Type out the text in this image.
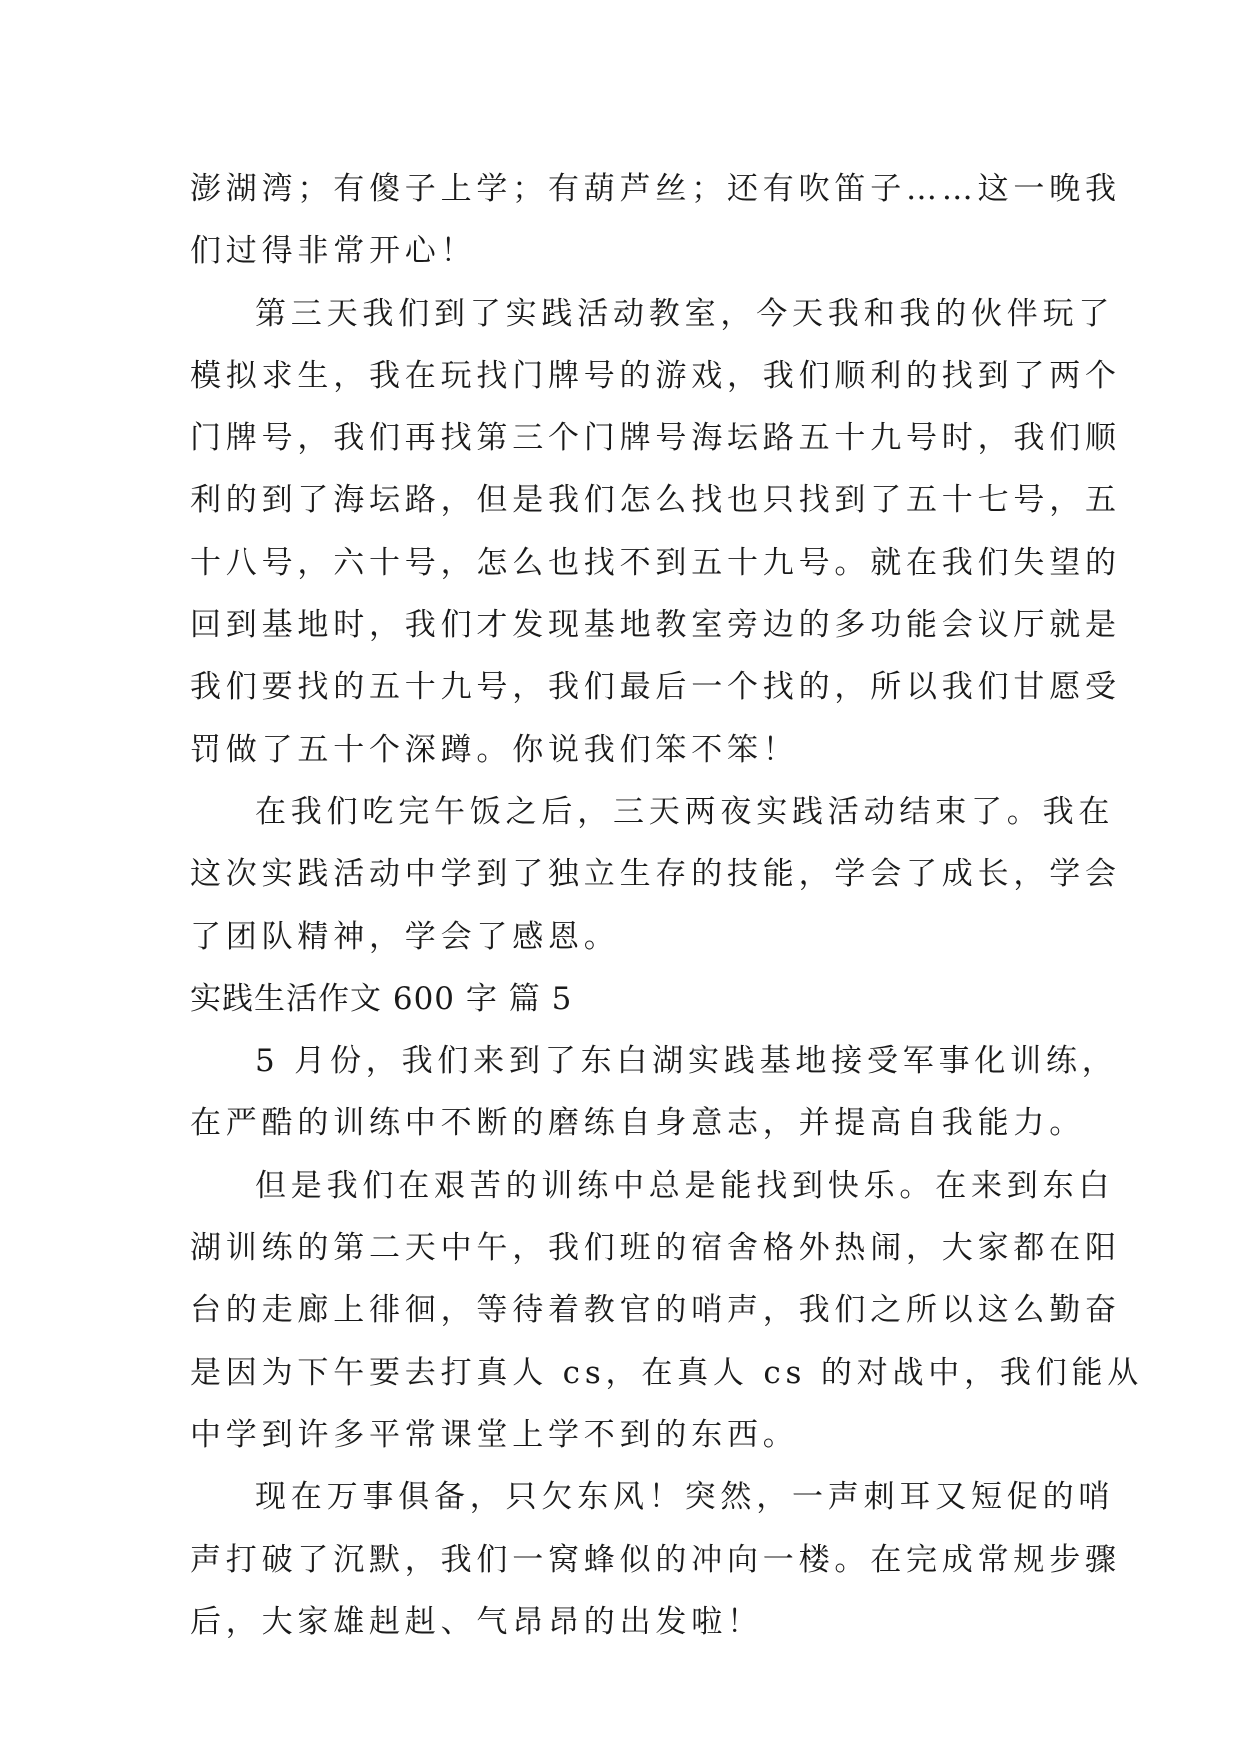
澎湖湾；有傻子上学；有葫芦丝；还有吹笛子……这一晚我
们过得非常开心！
第三天我们到了实践活动教室，今天我和我的伙伴玩了
模拟求生，我在玩找门牌号的游戏，我们顺利的找到了两个
门牌号，我们再找第三个门牌号海坛路五十九号时，我们顺
利的到了海坛路，但是我们怎么找也只找到了五十七号，五
十八号，六十号，怎么也找不到五十九号。就在我们失望的
回到基地时，我们才发现基地教室旁边的多功能会议厅就是
我们要找的五十九号，我们最后一个找的，所以我们甘愿受
罚做了五十个深蹲。你说我们笨不笨！
在我们吃完午饭之后，三天两夜实践活动结束了。我在
这次实践活动中学到了独立生存的技能，学会了成长，学会
了团队精神，学会了感恩。
实践生活作文 600 字 篇 5
5 月份，我们来到了东白湖实践基地接受军事化训练，
在严酷的训练中不断的磨练自身意志，并提高自我能力。
但是我们在艰苦的训练中总是能找到快乐。在来到东白
湖训练的第二天中午，我们班的宿舍格外热闹，大家都在阳
台的走廊上徘徊，等待着教官的哨声，我们之所以这么勤奋
是因为下午要去打真人 cs，在真人 cs 的对战中，我们能从
中学到许多平常课堂上学不到的东西。
现在万事俱备，只欠东风！突然，一声刺耳又短促的哨
声打破了沉默，我们一窝蜂似的冲向一楼。在完成常规步骤
后，大家雄赳赳、气昂昂的出发啦！
